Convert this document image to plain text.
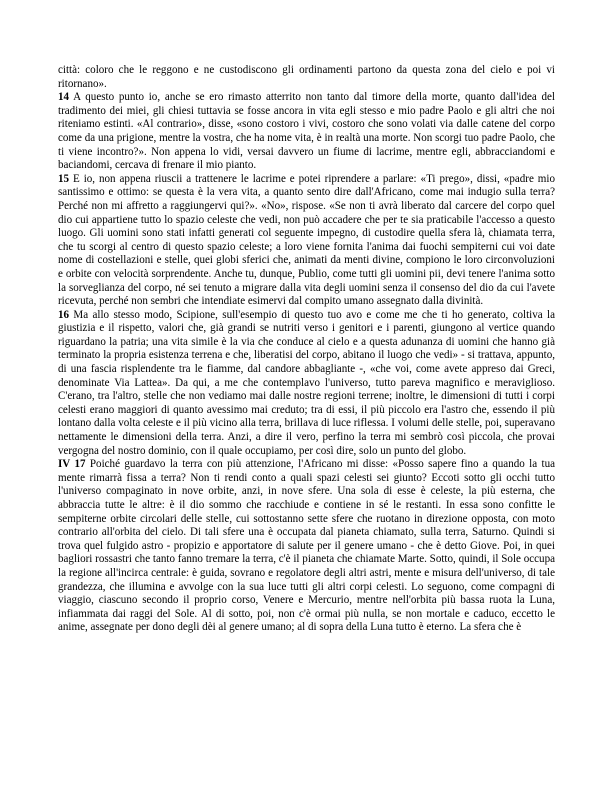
città: coloro che le reggono e ne custodiscono gli ordinamenti partono da questa zona del cielo e poi vi ritornano».

14 A questo punto io, anche se ero rimasto atterrito non tanto dal timore della morte, quanto dall'idea del tradimento dei miei, gli chiesi tuttavia se fosse ancora in vita egli stesso e mio padre Paolo e gli altri che noi riteniamo estinti. «Al contrario», disse, «sono costoro i vivi, costoro che sono volati via dalle catene del corpo come da una prigione, mentre la vostra, che ha nome vita, è in realtà una morte. Non scorgi tuo padre Paolo, che ti viene incontro?». Non appena lo vidi, versai davvero un fiume di lacrime, mentre egli, abbracciandomi e baciandomi, cercava di frenare il mio pianto.

15 E io, non appena riuscii a trattenere le lacrime e potei riprendere a parlare: «Ti prego», dissi, «padre mio santissimo e ottimo: se questa è la vera vita, a quanto sento dire dall'Africano, come mai indugio sulla terra? Perché non mi affretto a raggiungervi qui?». «No», rispose. «Se non ti avrà liberato dal carcere del corpo quel dio cui appartiene tutto lo spazio celeste che vedi, non può accadere che per te sia praticabile l'accesso a questo luogo. Gli uomini sono stati infatti generati col seguente impegno, di custodire quella sfera là, chiamata terra, che tu scorgi al centro di questo spazio celeste; a loro viene fornita l'anima dai fuochi sempiterni cui voi date nome di costellazioni e stelle, quei globi sferici che, animati da menti divine, compiono le loro circonvoluzioni e orbite con velocità sorprendente. Anche tu, dunque, Publio, come tutti gli uomini pii, devi tenere l'anima sotto la sorveglianza del corpo, né sei tenuto a migrare dalla vita degli uomini senza il consenso del dio da cui l'avete ricevuta, perché non sembri che intendiate esimervi dal compito umano assegnato dalla divinità.

16 Ma allo stesso modo, Scipione, sull'esempio di questo tuo avo e come me che ti ho generato, coltiva la giustizia e il rispetto, valori che, già grandi se nutriti verso i genitori e i parenti, giungono al vertice quando riguardano la patria; una vita simile è la via che conduce al cielo e a questa adunanza di uomini che hanno già terminato la propria esistenza terrena e che, liberatisi del corpo, abitano il luogo che vedi» - si trattava, appunto, di una fascia risplendente tra le fiamme, dal candore abbagliante -, «che voi, come avete appreso dai Greci, denominate Via Lattea». Da qui, a me che contemplavo l'universo, tutto pareva magnifico e meraviglioso. C'erano, tra l'altro, stelle che non vediamo mai dalle nostre regioni terrene; inoltre, le dimensioni di tutti i corpi celesti erano maggiori di quanto avessimo mai creduto; tra di essi, il più piccolo era l'astro che, essendo il più lontano dalla volta celeste e il più vicino alla terra, brillava di luce riflessa. I volumi delle stelle, poi, superavano nettamente le dimensioni della terra. Anzi, a dire il vero, perfino la terra mi sembrò così piccola, che provai vergogna del nostro dominio, con il quale occupiamo, per così dire, solo un punto del globo.

IV 17 Poiché guardavo la terra con più attenzione, l'Africano mi disse: «Posso sapere fino a quando la tua mente rimarrà fissa a terra? Non ti rendi conto a quali spazi celesti sei giunto? Eccoti sotto gli occhi tutto l'universo compaginato in nove orbite, anzi, in nove sfere. Una sola di esse è celeste, la più esterna, che abbraccia tutte le altre: è il dio sommo che racchiude e contiene in sé le restanti. In essa sono confitte le sempiterne orbite circolari delle stelle, cui sottostanno sette sfere che ruotano in direzione opposta, con moto contrario all'orbita del cielo. Di tali sfere una è occupata dal pianeta chiamato, sulla terra, Saturno. Quindi si trova quel fulgido astro - propizio e apportatore di salute per il genere umano - che è detto Giove. Poi, in quei bagliori rossastri che tanto fanno tremare la terra, c'è il pianeta che chiamate Marte. Sotto, quindi, il Sole occupa la regione all'incirca centrale: è guida, sovrano e regolatore degli altri astri, mente e misura dell'universo, di tale grandezza, che illumina e avvolge con la sua luce tutti gli altri corpi celesti. Lo seguono, come compagni di viaggio, ciascuno secondo il proprio corso, Venere e Mercurio, mentre nell'orbita più bassa ruota la Luna, infiammata dai raggi del Sole. Al di sotto, poi, non c'è ormai più nulla, se non mortale e caduco, eccetto le anime, assegnate per dono degli dèi al genere umano; al di sopra della Luna tutto è eterno. La sfera che è
